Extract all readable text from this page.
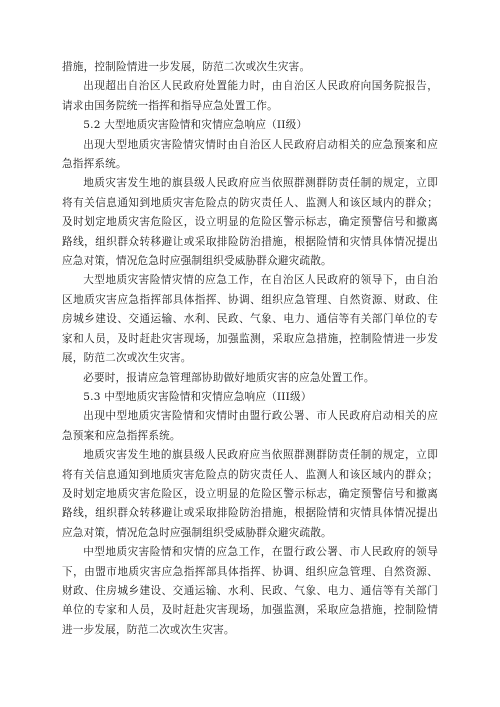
措施，控制险情进一步发展，防范二次或次生灾害。

出现超出自治区人民政府处置能力时，由自治区人民政府向国务院报告，请求由国务院统一指挥和指导应急处置工作。

5.2 大型地质灾害险情和灾情应急响应（II级）

出现大型地质灾害险情灾情时由自治区人民政府启动相关的应急预案和应急指挥系统。

地质灾害发生地的旗县级人民政府应当依照群测群防责任制的规定，立即将有关信息通知到地质灾害危险点的防灾责任人、监测人和该区域内的群众；及时划定地质灾害危险区，设立明显的危险区警示标志，确定预警信号和撤离路线，组织群众转移避让或采取排险防治措施，根据险情和灾情具体情况提出应急对策，情况危急时应强制组织受威胁群众避灾疏散。

大型地质灾害险情灾情的应急工作，在自治区人民政府的领导下，由自治区地质灾害应急指挥部具体指挥、协调、组织应急管理、自然资源、财政、住房城乡建设、交通运输、水利、民政、气象、电力、通信等有关部门单位的专家和人员，及时赶赴灾害现场，加强监测，采取应急措施，控制险情进一步发展，防范二次或次生灾害。

必要时，报请应急管理部协助做好地质灾害的应急处置工作。

5.3 中型地质灾害险情和灾情应急响应（III级）

出现中型地质灾害险情和灾情时由盟行政公署、市人民政府启动相关的应急预案和应急指挥系统。

地质灾害发生地的旗县级人民政府应当依照群测群防责任制的规定，立即将有关信息通知到地质灾害危险点的防灾责任人、监测人和该区域内的群众；及时划定地质灾害危险区，设立明显的危险区警示标志，确定预警信号和撤离路线，组织群众转移避让或采取排险防治措施，根据险情和灾情具体情况提出应急对策，情况危急时应强制组织受威胁群众避灾疏散。

中型地质灾害险情和灾情的应急工作，在盟行政公署、市人民政府的领导下，由盟市地质灾害应急指挥部具体指挥、协调、组织应急管理、自然资源、财政、住房城乡建设、交通运输、水利、民政、气象、电力、通信等有关部门单位的专家和人员，及时赶赴灾害现场，加强监测，采取应急措施，控制险情进一步发展，防范二次或次生灾害。
